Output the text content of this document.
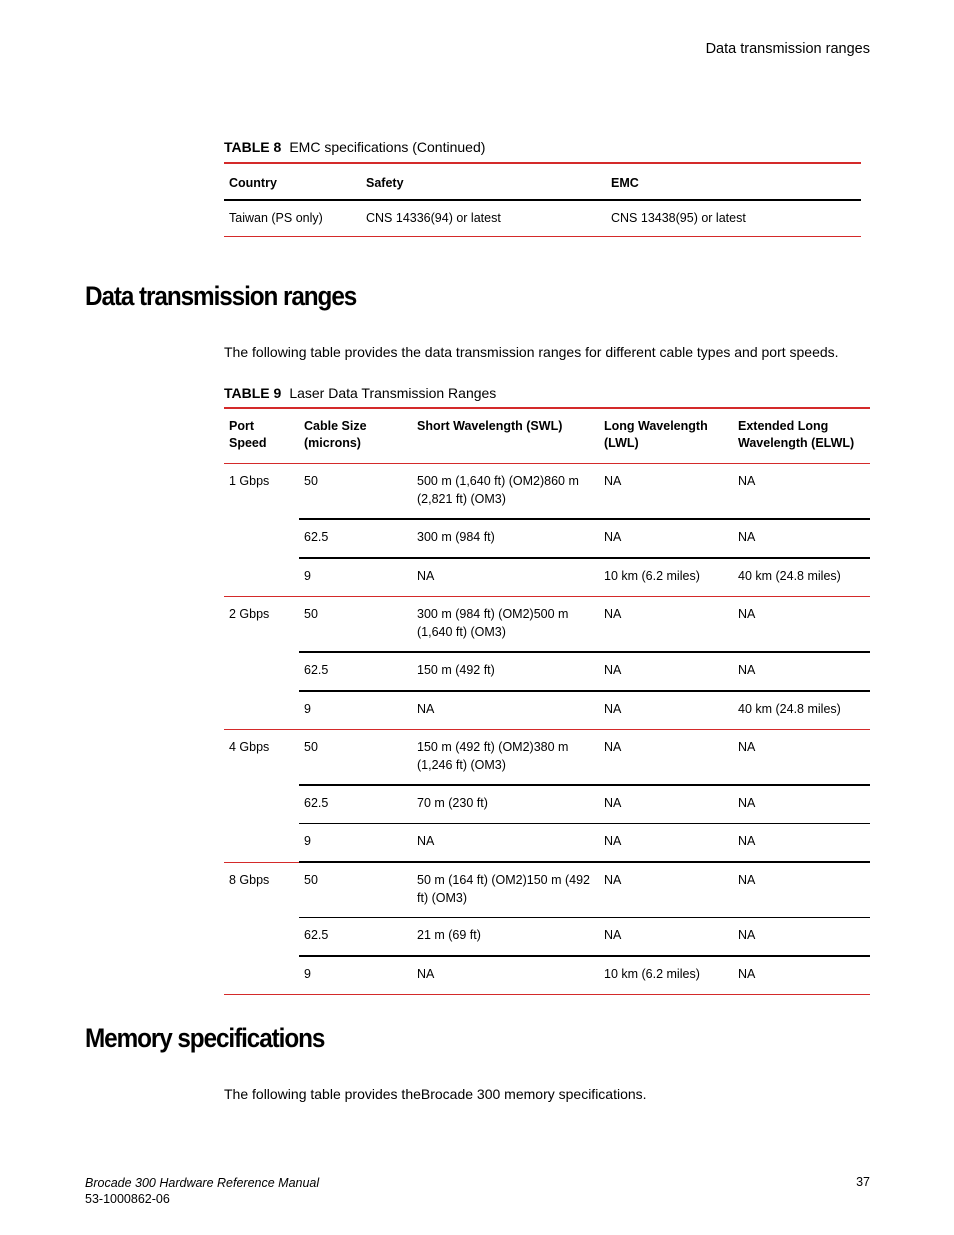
Data transmission ranges
TABLE 8 EMC specifications (Continued)
Country	Safety	EMC
Taiwan (PS only)	CNS 14336(94) or latest	CNS 13438(95) or latest
Data transmission ranges

The following table provides the data transmission ranges for different cable types and port speeds.

TABLE 9 Laser Data Transmission Ranges
Port Speed	Cable Size (microns)	Short Wavelength (SWL)	Long Wavelength (LWL)	Extended Long Wavelength (ELWL)
1 Gbps	50	500 m (1,640 ft) (OM2)860 m (2,821 ft) (OM3)	NA	NA
	62.5	300 m (984 ft)	NA	NA
	9	NA	10 km (6.2 miles)	40 km (24.8 miles)
2 Gbps	50	300 m (984 ft) (OM2)500 m (1,640 ft) (OM3)	NA	NA
	62.5	150 m (492 ft)	NA	NA
	9	NA	NA	40 km (24.8 miles)
4 Gbps	50	150 m (492 ft) (OM2)380 m (1,246 ft) (OM3)	NA	NA
	62.5	70 m (230 ft)	NA	NA
	9	NA	NA	NA
8 Gbps	50	50 m (164 ft) (OM2)150 m (492 ft) (OM3)	NA	NA
	62.5	21 m (69 ft)	NA	NA
	9	NA	10 km (6.2 miles)	NA
Memory specifications

The following table provides theBrocade 300 memory specifications.

Brocade 300 Hardware Reference Manual
53-1000862-06
37
